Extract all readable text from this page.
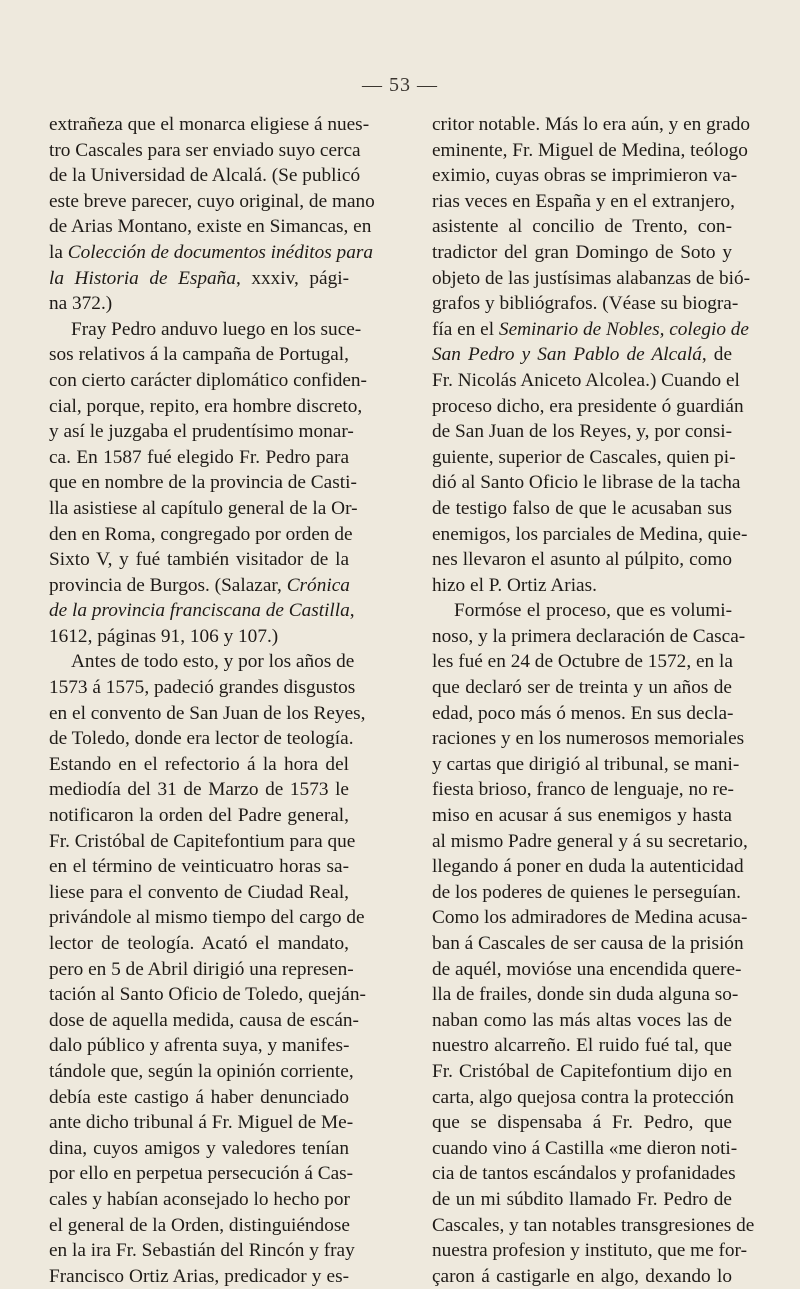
— 53 —
extrañeza que el monarca eligiese á nues-
tro Cascales para ser enviado suyo cerca
de la Universidad de Alcalá. (Se publicó
este breve parecer, cuyo original, de mano
de Arias Montano, existe en Simancas, en
la Colección de documentos inéditos para
la Historia de España, xxxiv, pági-
na 372.)
Fray Pedro anduvo luego en los suce-
sos relativos á la campaña de Portugal,
con cierto carácter diplomático confiden-
cial, porque, repito, era hombre discreto,
y así le juzgaba el prudentísimo monar-
ca. En 1587 fué elegido Fr. Pedro para
que en nombre de la provincia de Casti-
lla asistiese al capítulo general de la Or-
den en Roma, congregado por orden de
Sixto V, y fué también visitador de la
provincia de Burgos. (Salazar, Crónica
de la provincia franciscana de Castilla,
1612, páginas 91, 106 y 107.)
Antes de todo esto, y por los años de
1573 á 1575, padeció grandes disgustos
en el convento de San Juan de los Reyes,
de Toledo, donde era lector de teología.
Estando en el refectorio á la hora del
mediodía del 31 de Marzo de 1573 le
notificaron la orden del Padre general,
Fr. Cristóbal de Capitefontium para que
en el término de veinticuatro horas sa-
liese para el convento de Ciudad Real,
privándole al mismo tiempo del cargo de
lector de teología. Acató el mandato,
pero en 5 de Abril dirigió una represen-
tación al Santo Oficio de Toledo, queján-
dose de aquella medida, causa de escán-
dalo público y afrenta suya, y manifes-
tándole que, según la opinión corriente,
debía este castigo á haber denunciado
ante dicho tribunal á Fr. Miguel de Me-
dina, cuyos amigos y valedores tenían
por ello en perpetua persecución á Cas-
cales y habían aconsejado lo hecho por
el general de la Orden, distinguiéndose
en la ira Fr. Sebastián del Rincón y fray
Francisco Ortiz Arias, predicador y es-
critor notable. Más lo era aún, y en grado
eminente, Fr. Miguel de Medina, teólogo
eximio, cuyas obras se imprimieron va-
rias veces en España y en el extranjero,
asistente al concilio de Trento, con-
tradictor del gran Domingo de Soto y
objeto de las justísimas alabanzas de bió-
grafos y bibliógrafos. (Véase su biogra-
fía en el Seminario de Nobles, colegio de
San Pedro y San Pablo de Alcalá, de
Fr. Nicolás Aniceto Alcolea.) Cuando el
proceso dicho, era presidente ó guardián
de San Juan de los Reyes, y, por consi-
guiente, superior de Cascales, quien pi-
dió al Santo Oficio le librase de la tacha
de testigo falso de que le acusaban sus
enemigos, los parciales de Medina, quie-
nes llevaron el asunto al púlpito, como
hizo el P. Ortiz Arias.
Formóse el proceso, que es volumi-
noso, y la primera declaración de Casca-
les fué en 24 de Octubre de 1572, en la
que declaró ser de treinta y un años de
edad, poco más ó menos. En sus decla-
raciones y en los numerosos memoriales
y cartas que dirigió al tribunal, se mani-
fiesta brioso, franco de lenguaje, no re-
miso en acusar á sus enemigos y hasta
al mismo Padre general y á su secretario,
llegando á poner en duda la autenticidad
de los poderes de quienes le perseguían.
Como los admiradores de Medina acusa-
ban á Cascales de ser causa de la prisión
de aquél, movióse una encendida quere-
lla de frailes, donde sin duda alguna so-
naban como las más altas voces las de
nuestro alcarreño. El ruido fué tal, que
Fr. Cristóbal de Capitefontium dijo en
carta, algo quejosa contra la protección
que se dispensaba á Fr. Pedro, que
cuando vino á Castilla «me dieron noti-
cia de tantos escándalos y profanidades
de un mi súbdito llamado Fr. Pedro de
Cascales, y tan notables transgresiones de
nuestra profesion y instituto, que me for-
çaron á castigarle en algo, dexando lo
